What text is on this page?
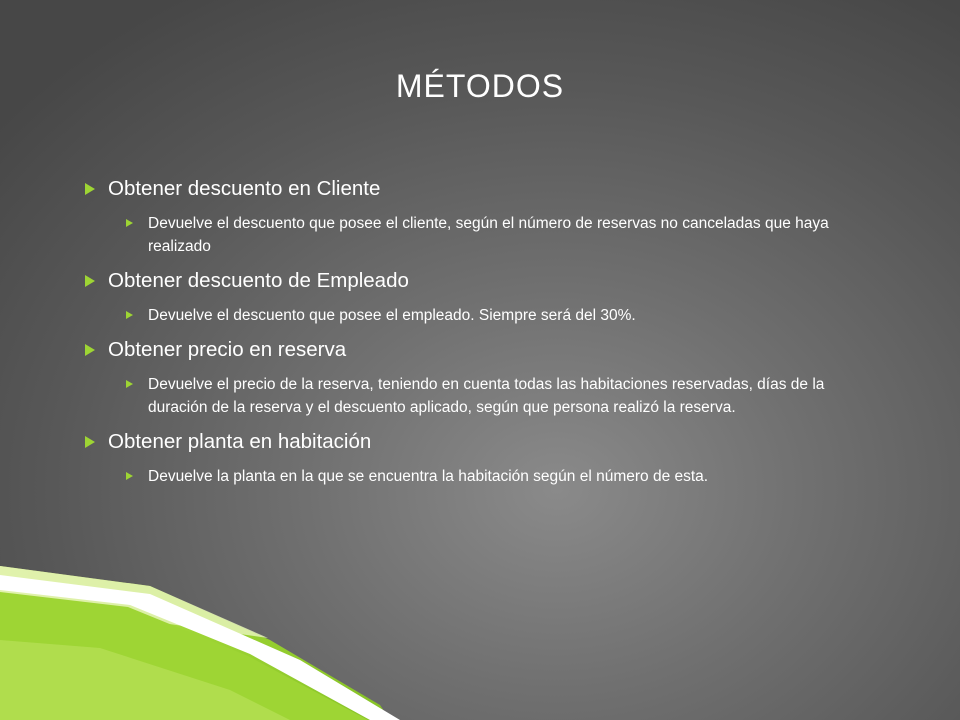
MÉTODOS
Obtener descuento en Cliente
Devuelve el descuento que posee el cliente, según el número de reservas no canceladas que haya realizado
Obtener descuento de Empleado
Devuelve el descuento que posee el empleado. Siempre será del 30%.
Obtener precio en reserva
Devuelve el precio de la reserva, teniendo en cuenta todas las habitaciones reservadas, días de la duración de la reserva y el descuento aplicado, según que persona realizó la reserva.
Obtener planta en habitación
Devuelve la planta en la que se encuentra la habitación según el número de esta.
